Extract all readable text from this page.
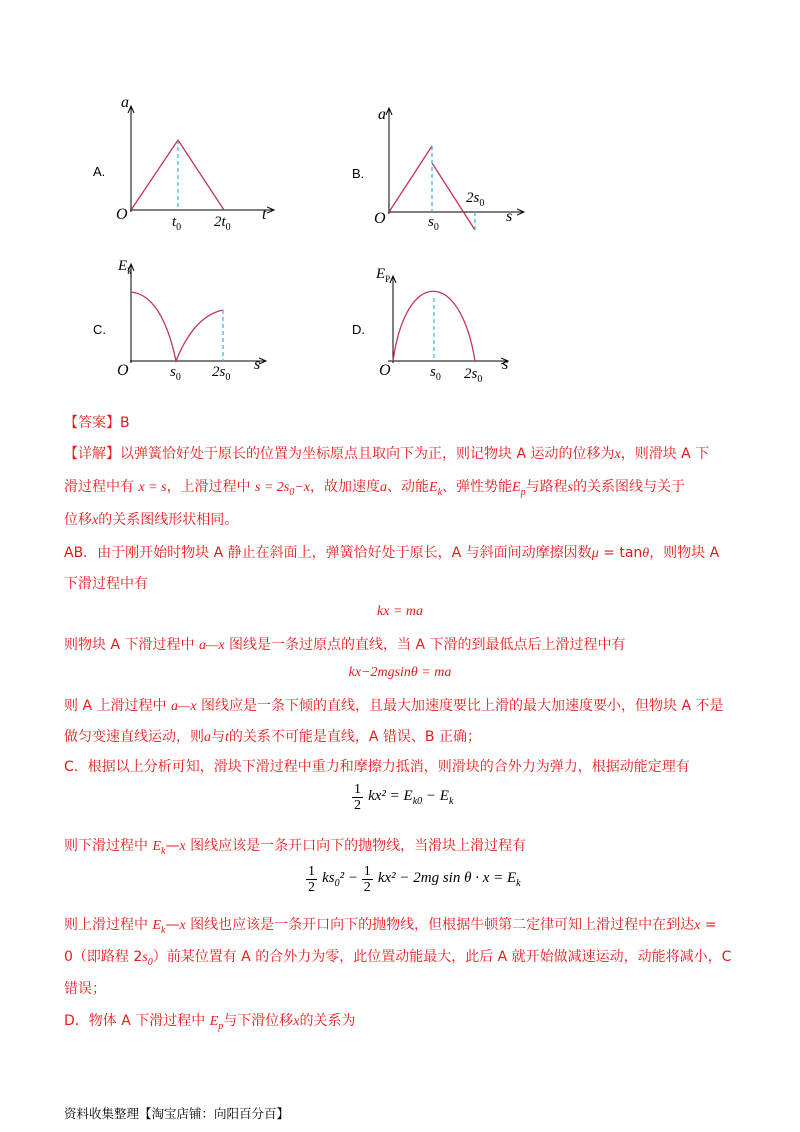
A.
a
O	t
$t_0$ $2t_0$
B.
a
O	s
$s_0$
$2s_0$
C.
$E_k$
O	s
$s_0$ $2s_0$
D.
$E_P$
O	s
$s_0$ $2s_0$
【答案】B
【详解】以弹簧恰好处于原长的位置为坐标原点且取向下为正，则记物块 A 运动的位移为x，则滑块 A 下
滑过程中有 x = s，上滑过程中 $s = 2s_0-x$，故加速度a、动能$E_k$、弹性势能$E_p$与路程s的关系图线与关于
位移x的关系图线形状相同。
AB．由于刚开始时物块 A 静止在斜面上，弹簧恰好处于原长，A 与斜面间动摩擦因数μ = tanθ，则物块 A
下滑过程中有
kx = ma
则物块 A 下滑过程中 a—x 图线是一条过原点的直线，当 A 下滑的到最低点后上滑过程中有
kx−2mgsinθ = ma
则 A 上滑过程中 a—x 图线应是一条下倾的直线，且最大加速度要比上滑的最大加速度要小，但物块 A 不是
做匀变速直线运动，则a与t的关系不可能是直线，A 错误、B 正确；
C．根据以上分析可知，滑块下滑过程中重力和摩擦力抵消，则滑块的合外力为弹力，根据动能定理有
$\frac{1}{2} kx^2 = E_{k0} - E_k$
则下滑过程中 $E_k—x$ 图线应该是一条开口向下的抛物线，当滑块上滑过程有
$\frac{1}{2} ks_0^2 - \frac{1}{2} kx^2 - 2mg$ $\sin \theta \cdot x = E_k$
则上滑过程中 $E_k—x$ 图线也应该是一条开口向下的抛物线，但根据牛顿第二定律可知上滑过程中在到达x =
0（即路程 $2s_0$）前某位置有 A 的合外力为零，此位置动能最大，此后 A 就开始做减速运动，动能将减小，C
错误；
D．物体 A 下滑过程中 $E_p$与下滑位移x的关系为
资料收集整理【淘宝店铺：向阳百分百】
